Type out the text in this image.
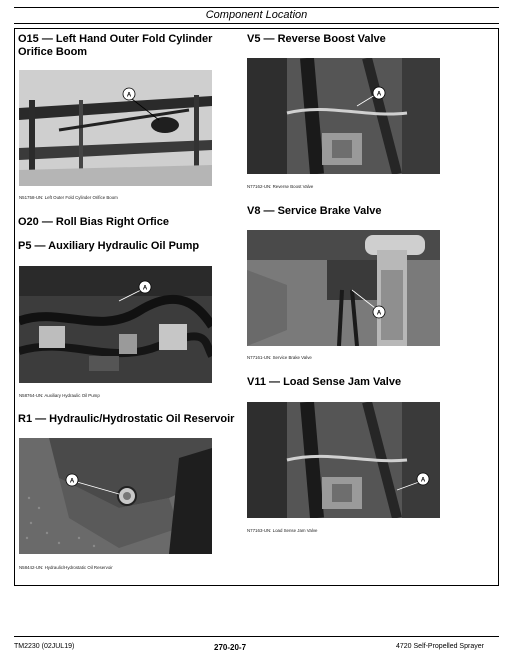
Component Location
O15 — Left Hand Outer Fold Cylinder Orifice Boom
A
N51758-UN: Left Outer Fold Cylinder Orifice Boom
O20 — Roll Bias Right Orfice
P5 — Auxiliary Hydraulic Oil Pump
A
N58764-UN: Auxiliary Hydraulic Oil Pump
R1 — Hydraulic/Hydrostatic Oil Reservoir
A
N58442-UN: Hydraulic/Hydrostatic Oil Reservoir
V5 — Reverse Boost Valve
A
N77162-UN: Reverse Boost Valve
V8 — Service Brake Valve
A
N77161-UN: Service Brake Valve
V11 — Load Sense Jam Valve
A
N77163-UN: Load Sense Jam Valve
TM2230 (02JUL19)	270-20-7	4720 Self-Propelled Sprayer
